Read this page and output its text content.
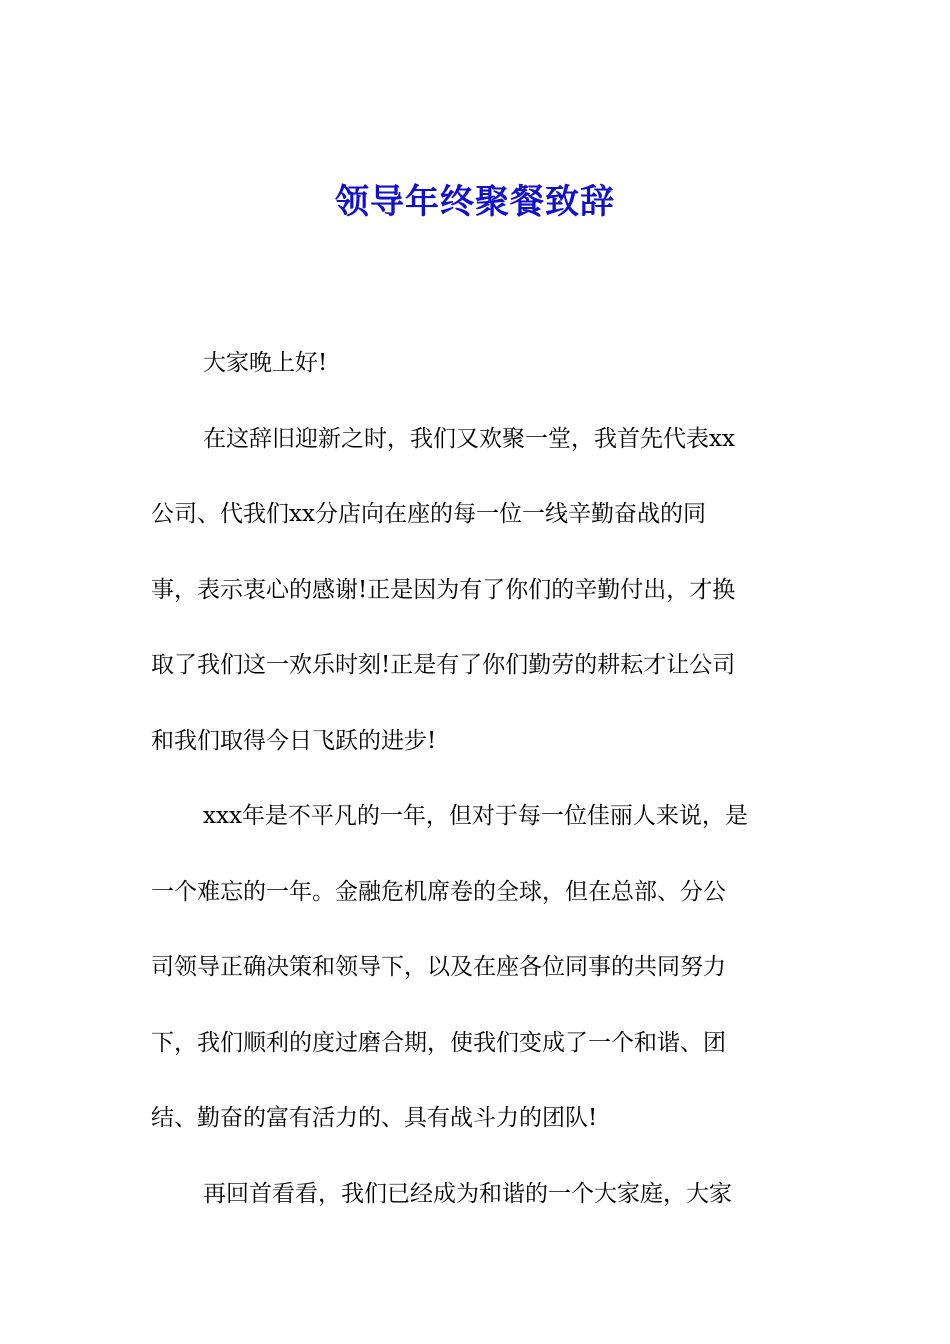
领导年终聚餐致辞
大家晚上好!
在这辞旧迎新之时，我们又欢聚一堂，我首先代表xx
公司、代我们xx分店向在座的每一位一线辛勤奋战的同
事，表示衷心的感谢!正是因为有了你们的辛勤付出，才换
取了我们这一欢乐时刻!正是有了你们勤劳的耕耘才让公司
和我们取得今日飞跃的进步!
xxx年是不平凡的一年，但对于每一位佳丽人来说，是
一个难忘的一年。金融危机席卷的全球，但在总部、分公
司领导正确决策和领导下，以及在座各位同事的共同努力
下，我们顺利的度过磨合期，使我们变成了一个和谐、团
结、勤奋的富有活力的、具有战斗力的团队!
再回首看看，我们已经成为和谐的一个大家庭，大家
